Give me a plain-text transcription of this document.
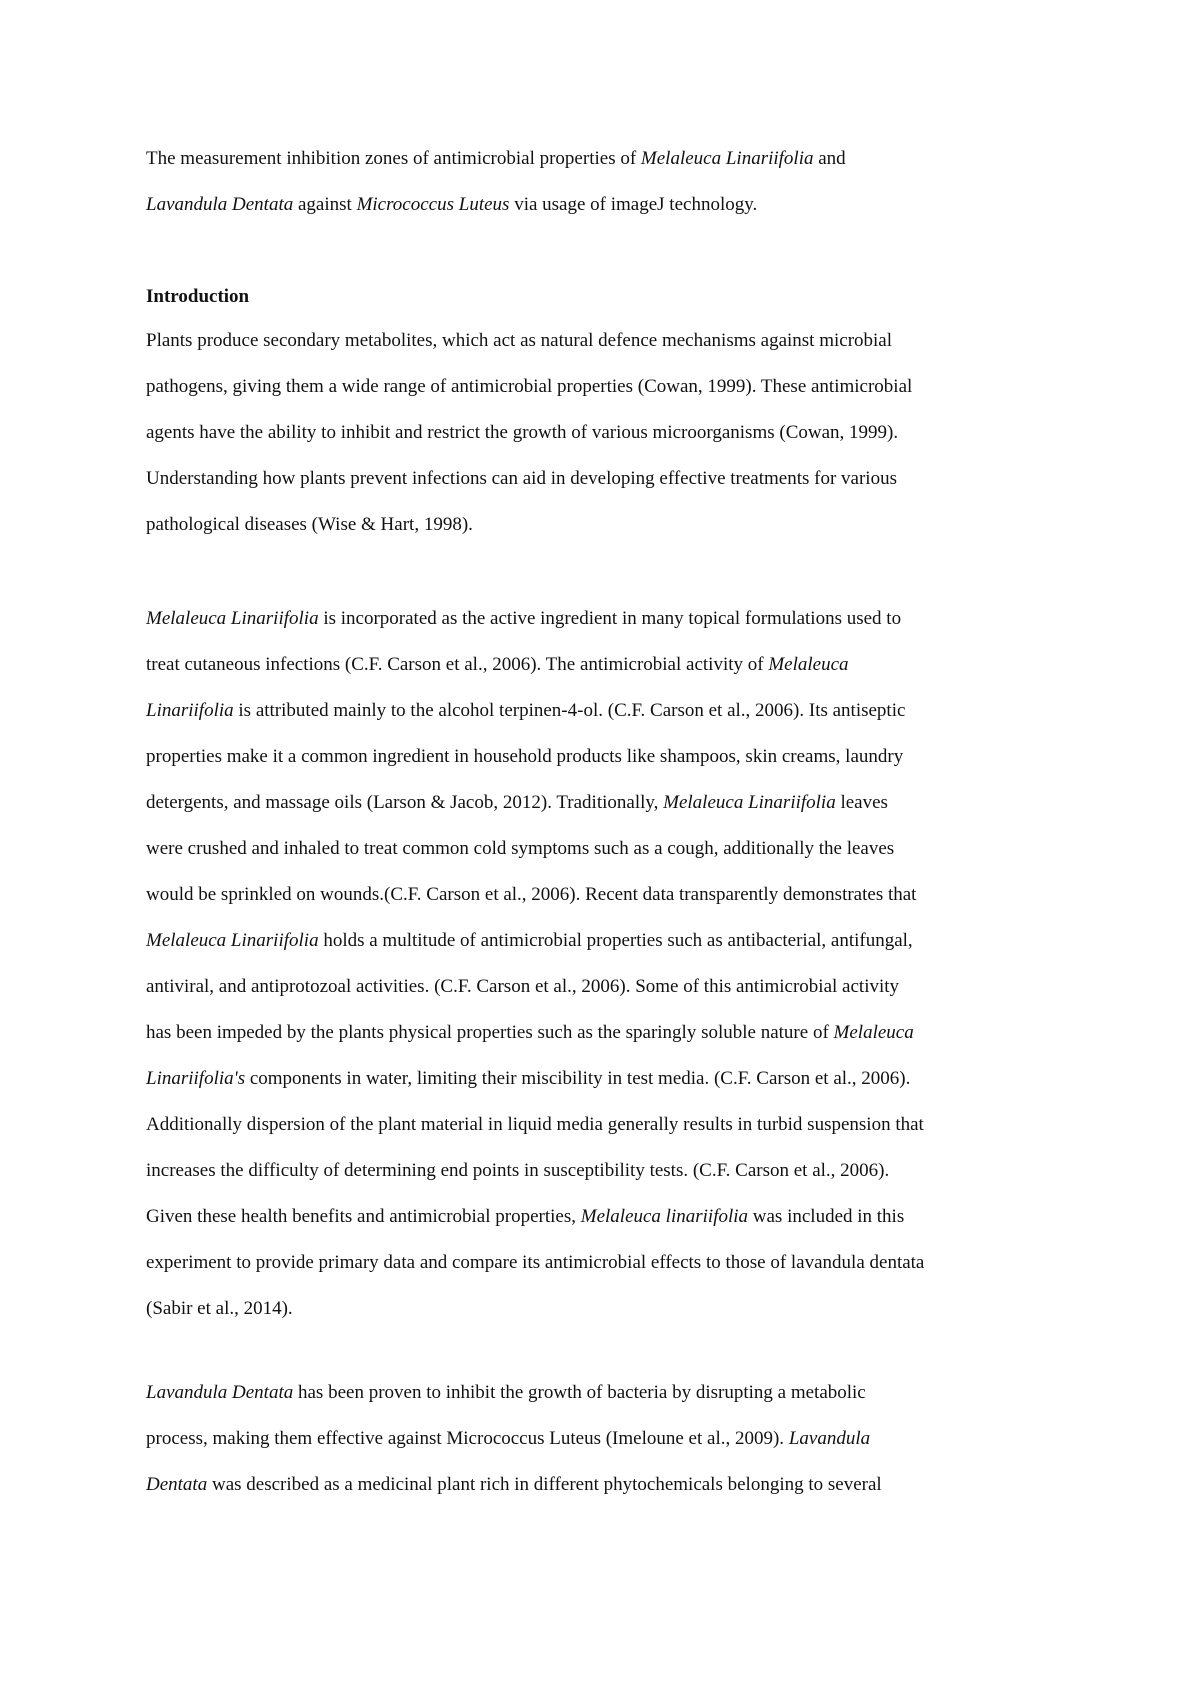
The measurement inhibition zones of antimicrobial properties of Melaleuca Linariifolia and
Lavandula Dentata against Micrococcus Luteus via usage of imageJ technology.
Introduction
Plants produce secondary metabolites, which act as natural defence mechanisms against microbial
pathogens, giving them a wide range of antimicrobial properties (Cowan, 1999). These antimicrobial
agents have the ability to inhibit and restrict the growth of various microorganisms (Cowan, 1999).
Understanding how plants prevent infections can aid in developing effective treatments for various
pathological diseases (Wise & Hart, 1998).
Melaleuca Linariifolia is incorporated as the active ingredient in many topical formulations used to
treat cutaneous infections (C.F. Carson et al., 2006). The antimicrobial activity of Melaleuca
Linariifolia is attributed mainly to the alcohol terpinen-4-ol. (C.F. Carson et al., 2006). Its antiseptic
properties make it a common ingredient in household products like shampoos, skin creams, laundry
detergents, and massage oils (Larson & Jacob, 2012). Traditionally, Melaleuca Linariifolia leaves
were crushed and inhaled to treat common cold symptoms such as a cough, additionally the leaves
would be sprinkled on wounds.(C.F. Carson et al., 2006). Recent data transparently demonstrates that
Melaleuca Linariifolia holds a multitude of antimicrobial properties such as antibacterial, antifungal,
antiviral, and antiprotozoal activities. (C.F. Carson et al., 2006). Some of this antimicrobial activity
has been impeded by the plants physical properties such as the sparingly soluble nature of Melaleuca
Linariifolia's components in water, limiting their miscibility in test media. (C.F. Carson et al., 2006).
Additionally dispersion of the plant material in liquid media generally results in turbid suspension that
increases the difficulty of determining end points in susceptibility tests. (C.F. Carson et al., 2006).
Given these health benefits and antimicrobial properties, Melaleuca linariifolia was included in this
experiment to provide primary data and compare its antimicrobial effects to those of lavandula dentata
(Sabir et al., 2014).
Lavandula Dentata has been proven to inhibit the growth of bacteria by disrupting a metabolic
process, making them effective against Micrococcus Luteus (Imeloune et al., 2009). Lavandula
Dentata was described as a medicinal plant rich in different phytochemicals belonging to several
